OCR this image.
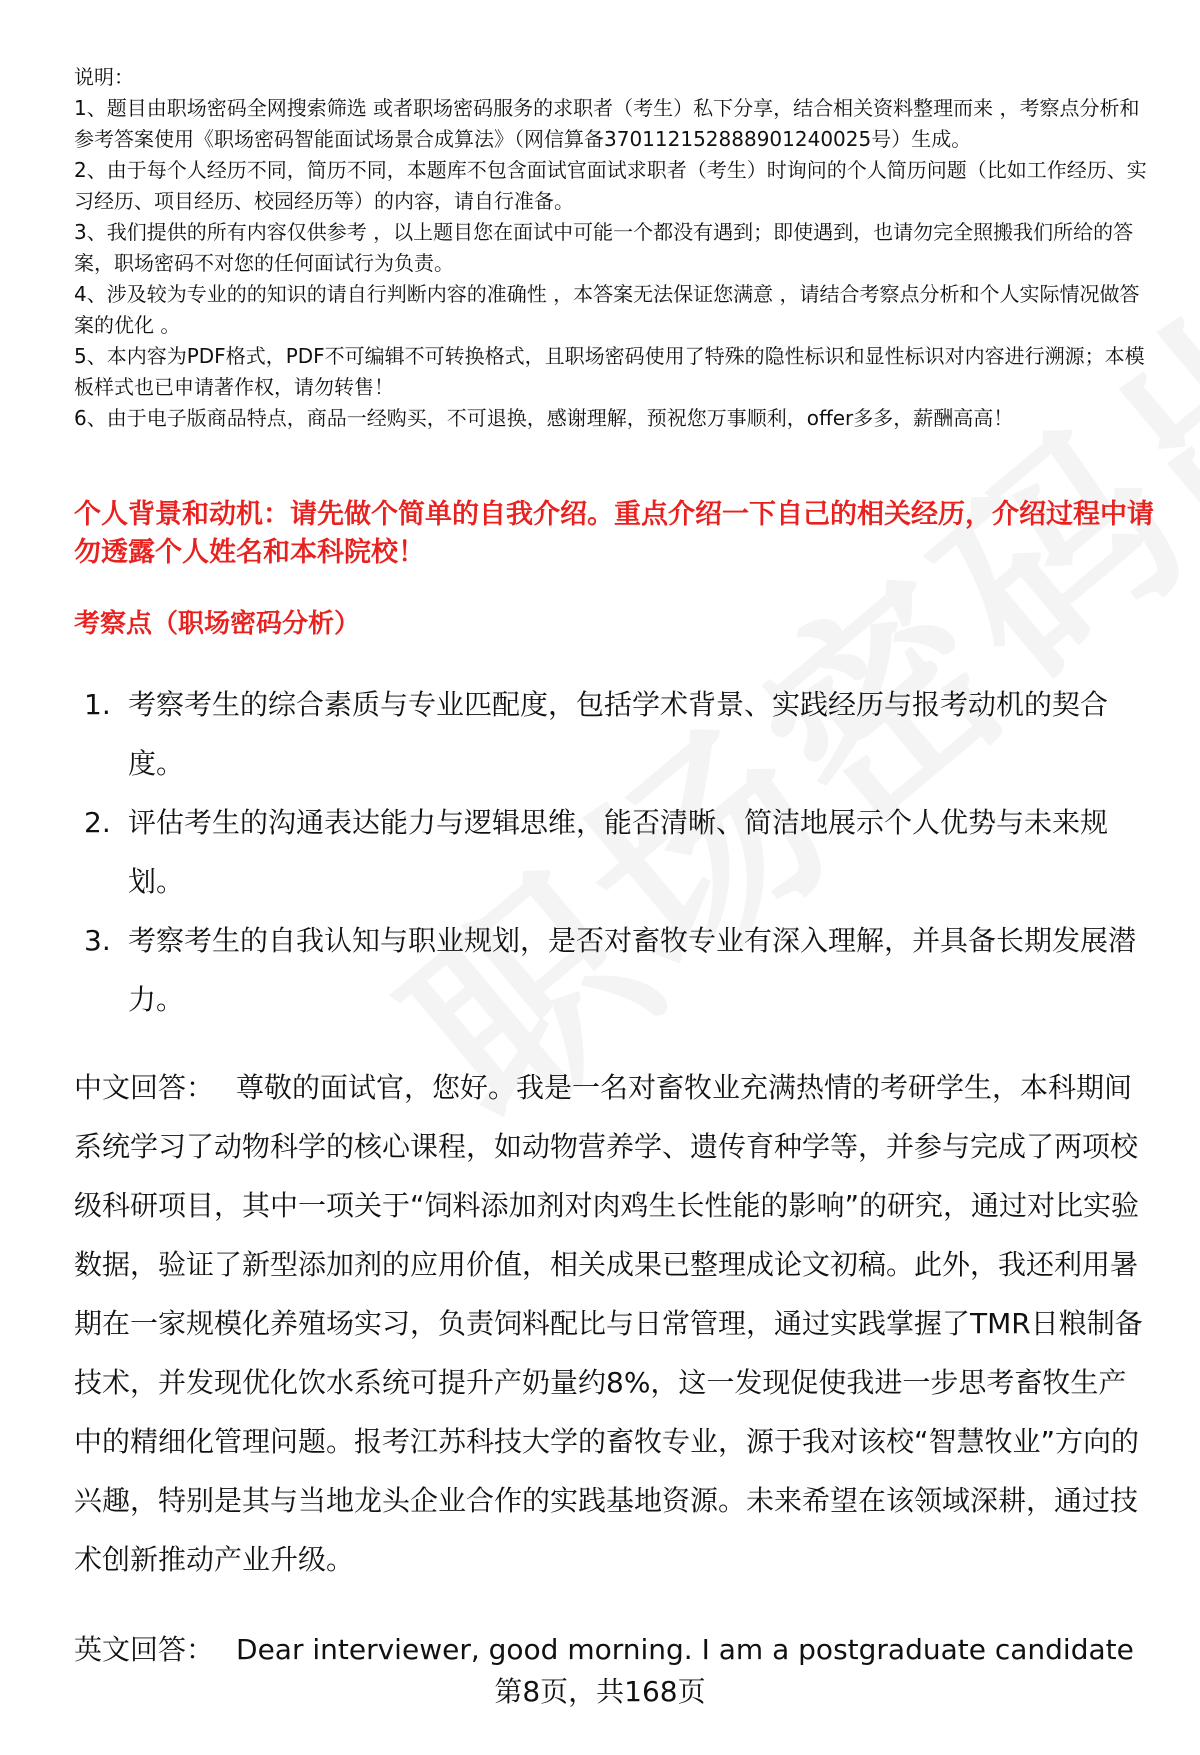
说明：

1、题目由职场密码全网搜索筛选 或者职场密码服务的求职者（考生）私下分享，结合相关资料整理而来 ，考察点分析和参考答案使用《职场密码智能面试场景合成算法》（网信算备370112152888901240025号）生成。

2、由于每个人经历不同，简历不同，本题库不包含面试官面试求职者（考生）时询问的个人简历问题（比如工作经历、实习经历、项目经历、校园经历等）的内容，请自行准备。

3、我们提供的所有内容仅供参考 ，以上题目您在面试中可能一个都没有遇到；即使遇到，也请勿完全照搬我们所给的答案，职场密码不对您的任何面试行为负责。

4、涉及较为专业的的知识的请自行判断内容的准确性 ，本答案无法保证您满意 ，请结合考察点分析和个人实际情况做答案的优化 。

5、本内容为PDF格式，PDF不可编辑不可转换格式，且职场密码使用了特殊的隐性标识和显性标识对内容进行溯源；本模板样式也已申请著作权，请勿转售！

6、由于电子版商品特点，商品一经购买，不可退换，感谢理解，预祝您万事顺利，offer多多，薪酬高高！

个人背景和动机：请先做个简单的自我介绍。重点介绍一下自己的相关经历，介绍过程中请勿透露个人姓名和本科院校！
考察点（职场密码分析）
1. 考察考生的综合素质与专业匹配度，包括学术背景、实践经历与报考动机的契合度。
2. 评估考生的沟通表达能力与逻辑思维，能否清晰、简洁地展示个人优势与未来规划。
3. 考察考生的自我认知与职业规划，是否对畜牧专业有深入理解，并具备长期发展潜力。
中文回答： 尊敬的面试官，您好。我是一名对畜牧业充满热情的考研学生，本科期间系统学习了动物科学的核心课程，如动物营养学、遗传育种学等，并参与完成了两项校级科研项目，其中一项关于“饲料添加剂对肉鸡生长性能的影响”的研究，通过对比实验数据，验证了新型添加剂的应用价值，相关成果已整理成论文初稿。此外，我还利用暑期在一家规模化养殖场实习，负责饲料配比与日常管理，通过实践掌握了TMR日粮制备技术，并发现优化饮水系统可提升产奶量约8%，这一发现促使我进一步思考畜牧生产中的精细化管理问题。报考江苏科技大学的畜牧专业，源于我对该校“智慧牧业”方向的兴趣，特别是其与当地龙头企业合作的实践基地资源。未来希望在该领域深耕，通过技术创新推动产业升级。
英文回答： Dear interviewer, good morning. I am a postgraduate candidate
第8页，共168页
